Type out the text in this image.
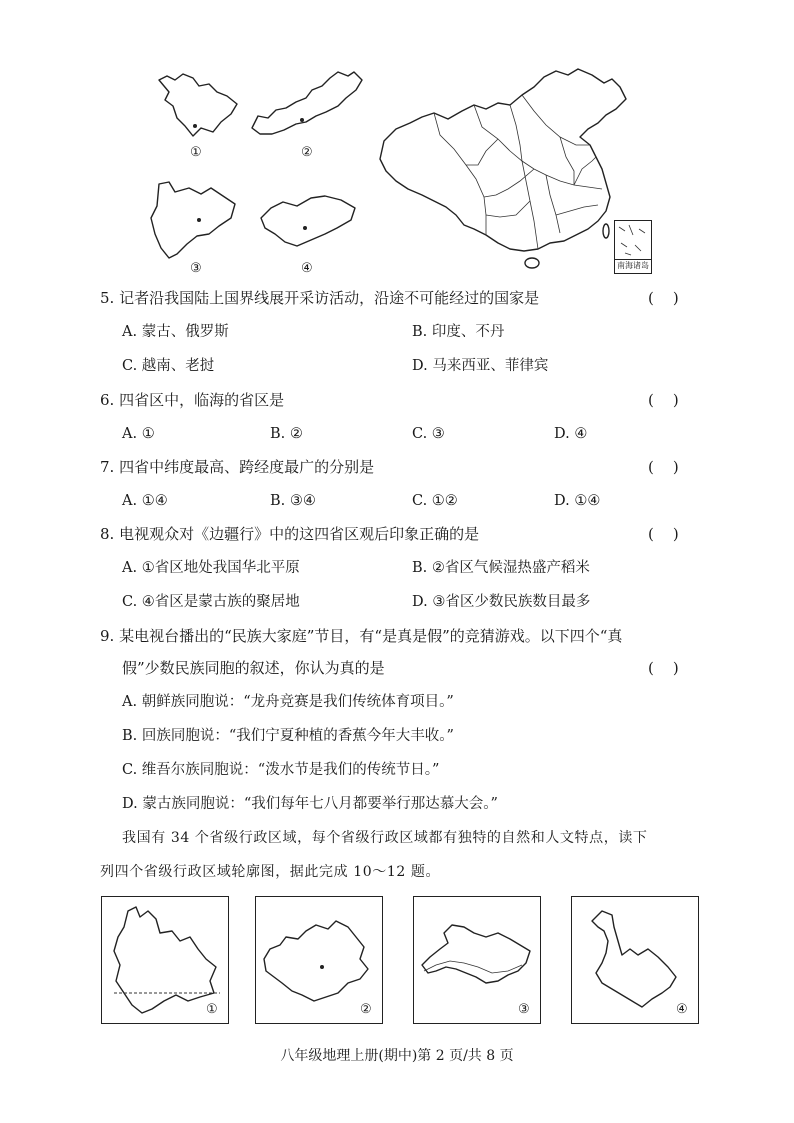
①	②
③	④	南海诸岛
5. 记者沿我国陆上国界线展开采访活动，沿途不可能经过的国家是	(    )
A. 蒙古、俄罗斯	B. 印度、不丹
C. 越南、老挝	D. 马来西亚、菲律宾
6. 四省区中，临海的省区是	(    )
A. ①	B. ②	C. ③	D. ④
7. 四省中纬度最高、跨经度最广的分别是	(    )
A. ①④	B. ③④	C. ①②	D. ①④
8. 电视观众对《边疆行》中的这四省区观后印象正确的是	(    )
A. ①省区地处我国华北平原	B. ②省区气候湿热盛产稻米
C. ④省区是蒙古族的聚居地	D. ③省区少数民族数目最多
9. 某电视台播出的“民族大家庭”节目，有“是真是假”的竞猜游戏。以下四个“真
假”少数民族同胞的叙述，你认为真的是	(    )
A. 朝鲜族同胞说：“龙舟竞赛是我们传统体育项目。”
B. 回族同胞说：“我们宁夏种植的香蕉今年大丰收。”
C. 维吾尔族同胞说：“泼水节是我们的传统节日。”
D. 蒙古族同胞说：“我们每年七八月都要举行那达慕大会。”
我国有 34 个省级行政区域，每个省级行政区域都有独特的自然和人文特点，读下
列四个省级行政区域轮廓图，据此完成 10～12 题。
①	②	③	④
八年级地理上册(期中)第 2 页/共 8 页
